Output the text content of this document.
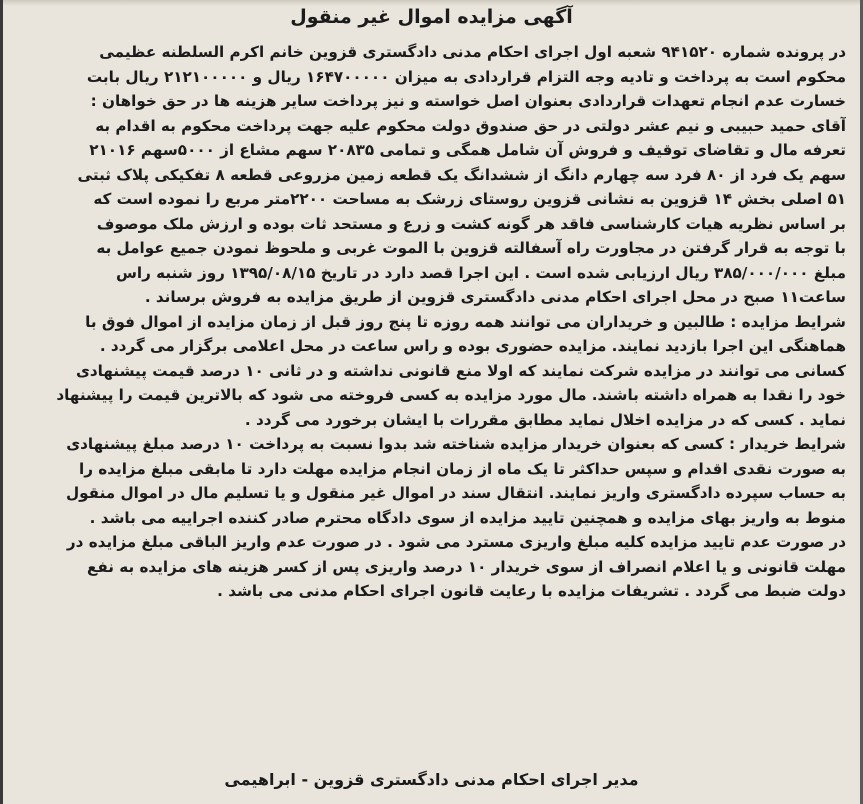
آگهی مزایده اموال غیر منقول
در پرونده شماره ۹۴۱۵۲۰ شعبه اول اجرای احکام مدنی دادگستری قزوین خانم اکرم السلطنه عظیمی
محکوم است به پرداخت و تادیه وجه التزام قراردادی به میزان ۱۶۴۷۰۰۰۰۰ ریال و ۲۱۲۱۰۰۰۰۰ ریال بابت
خسارت عدم انجام تعهدات قراردادی بعنوان اصل خواسته و نیز پرداخت سایر هزینه ها در حق خواهان :
آقای حمید حبیبی و نیم عشر دولتی در حق صندوق دولت محکوم علیه جهت پرداخت محکوم به اقدام به
تعرفه مال و تقاضای توقیف و فروش آن شامل همگی و تمامی ۲۰۸۳۵ سهم مشاع از ۵۰۰۰سهم ۲۱۰۱۶
سهم یک فرد از ۸۰ فرد سه چهارم دانگ از ششدانگ یک قطعه زمین مزروعی قطعه ۸ تفکیکی پلاک ثبتی
۵۱ اصلی بخش ۱۴ قزوین به نشانی قزوین روستای زرشک به مساحت ۲۲۰۰متر مربع را نموده است که
بر اساس نظریه هیات کارشناسی فاقد هر گونه کشت و زرع و مستحد ثات بوده و ارزش ملک موصوف
با توجه به قرار گرفتن در مجاورت راه آسفالته قزوین با الموت غربی و ملحوظ نمودن جمیع عوامل به
مبلغ ۳۸۵/۰۰۰/۰۰۰ ریال ارزیابی شده است . این اجرا قصد دارد در تاریخ ۱۳۹۵/۰۸/۱۵ روز شنبه راس
ساعت۱۱ صبح در محل اجرای احکام مدنی دادگستری قزوین از طریق مزایده به فروش برساند .
شرایط مزایده : طالبین و خریداران می توانند همه روزه تا پنج روز قبل از زمان مزایده از اموال فوق با
هماهنگی این اجرا بازدید نمایند. مزایده حضوری بوده و راس ساعت در محل اعلامی برگزار می گردد .
کسانی می توانند در مزایده شرکت نمایند که اولا منع قانونی نداشته و در ثانی ۱۰ درصد قیمت پیشنهادی
خود را نقدا به همراه داشته باشند. مال مورد مزایده به کسی فروخته می شود که بالاترین قیمت را پیشنهاد
نماید . کسی که در مزایده اخلال نماید مطابق مقررات با ایشان برخورد می گردد .
شرایط خریدار : کسی که بعنوان خریدار مزایده شناخته شد بدوا نسبت به پرداخت ۱۰ درصد مبلغ پیشنهادی
به صورت نقدی اقدام و سپس حداکثر تا یک ماه از زمان انجام مزایده مهلت دارد تا مابقی مبلغ مزایده را
به حساب سپرده دادگستری واریز نمایند. انتقال سند در اموال غیر منقول و یا تسلیم مال در اموال منقول
منوط به واریز بهای مزایده و همچنین تایید مزایده از سوی دادگاه محترم صادر کننده اجراییه می باشد .
در صورت عدم تایید مزایده کلیه مبلغ واریزی مسترد می شود . در صورت عدم واریز الباقی مبلغ مزایده در
مهلت قانونی و یا اعلام انصراف از سوی خریدار ۱۰ درصد واریزی پس از کسر هزینه های مزایده به نفع
دولت ضبط می گردد . تشریفات مزایده با رعایت قانون اجرای احکام مدنی می باشد .
مدیر اجرای احکام مدنی دادگستری قزوین - ابراهیمی
